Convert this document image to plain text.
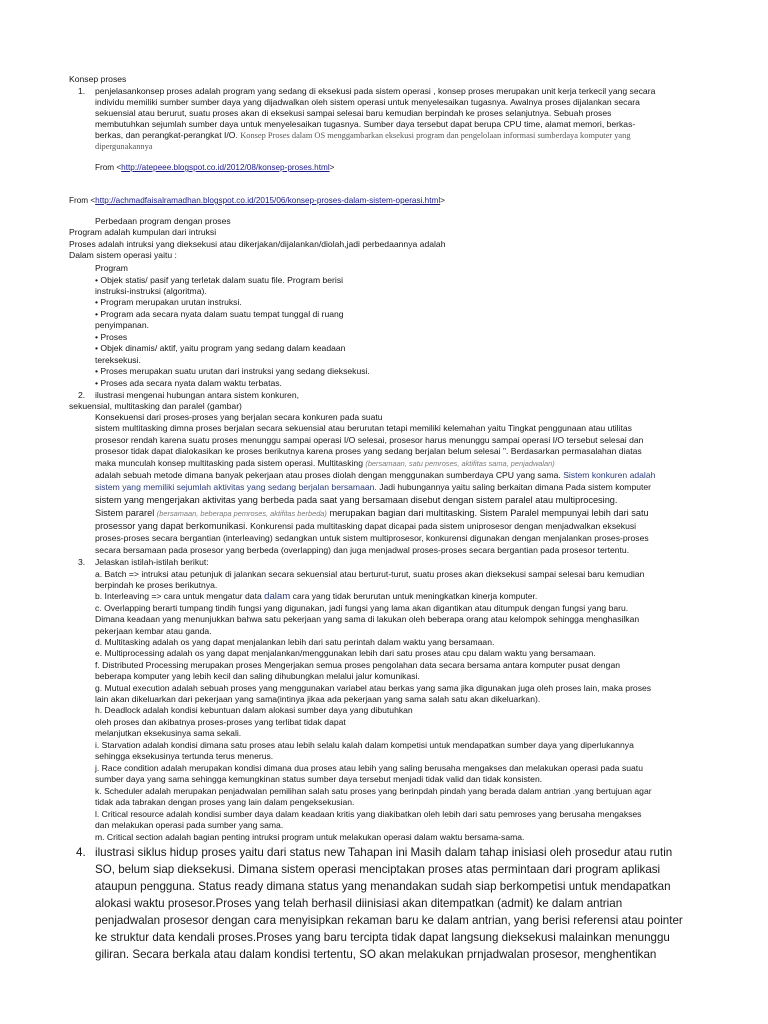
Konsep proses
1. penjelasankonsep proses adalah program yang sedang di eksekusi pada sistem operasi , konsep proses merupakan unit kerja terkecil yang secara
individu memiliki sumber sumber daya yang dijadwalkan oleh sistem operasi untuk menyelesaikan tugasnya. Awalnya proses dijalankan secara
sekuensial atau berurut, suatu proses akan di eksekusi sampai selesai baru kemudian berpindah ke proses selanjutnya. Sebuah proses
membutuhkan sejumlah sumber daya untuk menyelesaikan tugasnya. Sumber daya tersebut dapat berupa CPU time, alamat memori, berkas-
berkas, dan perangkat-perangkat I/O. Konsep Proses dalam OS menggambarkan eksekusi program dan pengelolaan informasi sumberdaya komputer yang
dipergunakannya
From <http://atepeee.blogspot.co.id/2012/08/konsep-proses.html>
From <http://achmadfaisalramadhan.blogspot.co.id/2015/06/konsep-proses-dalam-sistem-operasi.html>
Perbedaan program dengan proses
Program adalah kumpulan dari intruksi
Proses adalah intruksi yang dieksekusi atau dikerjakan/dijalankan/diolah,jadi perbedaannya adalah
Dalam sistem operasi yaitu :
Program
• Objek statis/ pasif yang terletak dalam suatu file. Program berisi
instruksi-instruksi (algoritma).
• Program merupakan urutan instruksi.
• Program ada secara nyata dalam suatu tempat tunggal di ruang
penyimpanan.
• Proses
• Objek dinamis/ aktif, yaitu program yang sedang dalam keadaan
tereksekusi.
• Proses merupakan suatu urutan dari instruksi yang sedang dieksekusi.
• Proses ada secara nyata dalam waktu terbatas.
2. ilustrasi mengenai hubungan antara sistem konkuren,
sekuensial, multitasking dan paralel (gambar)
Konsekuensi dari proses-proses yang berjalan secara konkuren pada suatu
sistem multitasking dimna proses berjalan secara sekuensial atau berurutan tetapi memiliki kelemahan yaitu Tingkat penggunaan atau utilitas
prosesor rendah karena suatu proses menunggu sampai operasi I/O selesai, prosesor harus menunggu sampai operasi I/O tersebut selesai dan
prosesor tidak dapat dialokasikan ke proses berikutnya karena proses yang sedang berjalan belum selesai ". Berdasarkan permasalahan diatas
maka munculah konsep multitasking pada sistem operasi. Multitasking (bersamaan, satu pemroses, aktifitas sama, penjadwalan)
adalah sebuah metode dimana banyak pekerjaan atau proses diolah dengan menggunakan sumberdaya CPU yang sama. Sistem konkuren adalah
sistem yang memiliki sejumlah aktivitas yang sedang berjalan bersamaan. Jadi hubungannya yaitu saling berkaitan dimana Pada sistem komputer
sistem yang mengerjakan aktivitas yang berbeda pada saat yang bersamaan disebut dengan sistem paralel atau multiprocesing.
Sistem pararel (bersamaan, beberapa pemroses, aktifitas berbeda) merupakan bagian dari multitasking. Sistem Paralel mempunyai lebih dari satu
prosessor yang dapat berkomunikasi. Konkurensi pada multitasking dapat dicapai pada sistem uniprosesor dengan menjadwalkan eksekusi
proses-proses secara bergantian (interleaving) sedangkan untuk sistem multiprosesor, konkurensi digunakan dengan menjalankan proses-proses
secara bersamaan pada prosesor yang berbeda (overlapping) dan juga menjadwal proses-proses secara bergantian pada prosesor tertentu.
3. Jelaskan istilah-istilah berikut:
a. Batch => intruksi atau petunjuk di jalankan secara sekuensial atau berturut-turut, suatu proses akan dieksekusi sampai selesai baru kemudian
berpindah ke proses berikutnya.
b. Interleaving => cara untuk mengatur data dalam cara yang tidak berurutan untuk meningkatkan kinerja komputer.
c. Overlapping berarti tumpang tindih fungsi yang digunakan, jadi fungsi yang lama akan digantikan atau ditumpuk dengan fungsi yang baru.
Dimana keadaan yang menunjukkan bahwa satu pekerjaan yang sama di lakukan oleh beberapa orang atau kelompok sehingga menghasilkan
pekerjaan kembar atau ganda.
d. Multitasking adalah os yang dapat menjalankan lebih dari satu perintah dalam waktu yang bersamaan.
e. Multiprocessing adalah os yang dapat menjalankan/menggunakan lebih dari satu proses atau cpu dalam waktu yang bersamaan.
f. Distributed Processing merupakan proses Mengerjakan semua proses pengolahan data secara bersama antara komputer pusat dengan
beberapa komputer yang lebih kecil dan saling dihubungkan melalui jalur komunikasi.
g. Mutual execution adalah sebuah proses yang menggunakan variabel atau berkas yang sama jika digunakan juga oleh proses lain, maka proses
lain akan dikeluarkan dari pekerjaan yang sama(intinya jikaa ada pekerjaan yang sama salah satu akan dikeluarkan).
h. Deadlock adalah kondisi kebuntuan dalam alokasi sumber daya yang dibutuhkan
oleh proses dan akibatnya proses-proses yang terlibat tidak dapat
melanjutkan eksekusinya sama sekali.
i. Starvation adalah kondisi dimana satu proses atau lebih selalu kalah dalam kompetisi untuk mendapatkan sumber daya yang diperlukannya
sehingga eksekusinya tertunda terus menerus.
j. Race condition adalah merupakan kondisi dimana dua proses atau lebih yang saling berusaha mengakses dan melakukan operasi pada suatu
sumber daya yang sama sehingga kemungkinan status sumber daya tersebut menjadi tidak valid dan tidak konsisten.
k. Scheduler adalah merupakan penjadwalan pemilihan salah satu proses yang berinpdah pindah yang berada dalam antrian .yang bertujuan agar
tidak ada tabrakan dengan proses yang lain dalam pengeksekusian.
l. Critical resource adalah kondisi sumber daya dalam keadaan kritis yang diakibatkan oleh lebih dari satu pemroses yang berusaha mengakses
dan melakukan operasi pada sumber yang sama.
m. Critical section adalah bagian penting intruksi program untuk melakukan operasi dalam waktu bersama-sama.
4. ilustrasi siklus hidup proses yaitu dari status new Tahapan ini Masih dalam tahap inisiasi oleh prosedur atau rutin
SO, belum siap dieksekusi. Dimana sistem operasi menciptakan proses atas permintaan dari program aplikasi
ataupun pengguna. Status ready dimana status yang menandakan sudah siap berkompetisi untuk mendapatkan
alokasi waktu prosesor.Proses yang telah berhasil diinisiasi akan ditempatkan (admit) ke dalam antrian
penjadwalan prosesor dengan cara menyisipkan rekaman baru ke dalam antrian, yang berisi referensi atau pointer
ke struktur data kendali proses.Proses yang baru tercipta tidak dapat langsung dieksekusi malainkan menunggu
giliran. Secara berkala atau dalam kondisi tertentu, SO akan melakukan prnjadwalan prosesor, menghentikan
